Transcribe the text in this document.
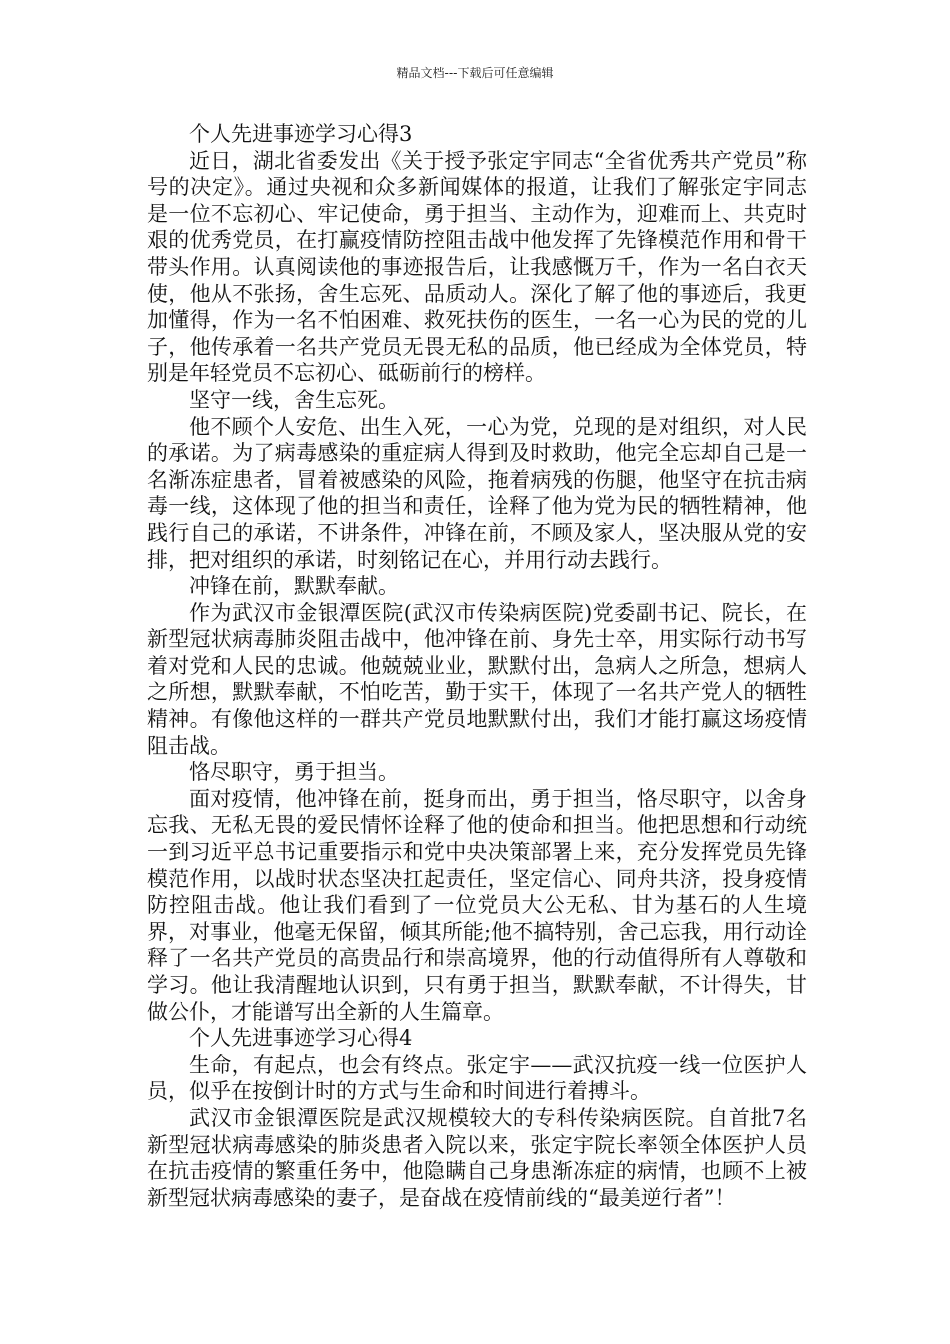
精品文档---下载后可任意编辑

个人先进事迹学习心得3

近日，湖北省委发出《关于授予张定宇同志“全省优秀共产党员”称号的决定》。通过央视和众多新闻媒体的报道，让我们了解张定宇同志是一位不忘初心、牢记使命，勇于担当、主动作为，迎难而上、共克时艰的优秀党员，在打赢疫情防控阻击战中他发挥了先锋模范作用和骨干带头作用。认真阅读他的事迹报告后，让我感慨万千，作为一名白衣天使，他从不张扬，舍生忘死、品质动人。深化了解了他的事迹后，我更加懂得，作为一名不怕困难、救死扶伤的医生，一名一心为民的党的儿子，他传承着一名共产党员无畏无私的品质，他已经成为全体党员，特别是年轻党员不忘初心、砥砺前行的榜样。

坚守一线，舍生忘死。

他不顾个人安危、出生入死，一心为党，兑现的是对组织，对人民的承诺。为了病毒感染的重症病人得到及时救助，他完全忘却自己是一名渐冻症患者，冒着被感染的风险，拖着病残的伤腿，他坚守在抗击病毒一线，这体现了他的担当和责任，诠释了他为党为民的牺牲精神，他践行自己的承诺，不讲条件，冲锋在前，不顾及家人，坚决服从党的安排，把对组织的承诺，时刻铭记在心，并用行动去践行。

冲锋在前，默默奉献。

作为武汉市金银潭医院(武汉市传染病医院)党委副书记、院长，在新型冠状病毒肺炎阻击战中，他冲锋在前、身先士卒，用实际行动书写着对党和人民的忠诚。他兢兢业业，默默付出，急病人之所急，想病人之所想，默默奉献，不怕吃苦，勤于实干，体现了一名共产党人的牺牲精神。有像他这样的一群共产党员地默默付出，我们才能打赢这场疫情阻击战。

恪尽职守，勇于担当。

面对疫情，他冲锋在前，挺身而出，勇于担当，恪尽职守，以舍身忘我、无私无畏的爱民情怀诠释了他的使命和担当。他把思想和行动统一到习近平总书记重要指示和党中央决策部署上来，充分发挥党员先锋模范作用，以战时状态坚决扛起责任，坚定信心、同舟共济，投身疫情防控阻击战。他让我们看到了一位党员大公无私、甘为基石的人生境界，对事业，他毫无保留，倾其所能;他不搞特别，舍己忘我，用行动诠释了一名共产党员的高贵品行和崇高境界，他的行动值得所有人尊敬和学习。他让我清醒地认识到，只有勇于担当，默默奉献，不计得失，甘做公仆，才能谱写出全新的人生篇章。

个人先进事迹学习心得4

生命，有起点，也会有终点。张定宇——武汉抗疫一线一位医护人员，似乎在按倒计时的方式与生命和时间进行着搏斗。

武汉市金银潭医院是武汉规模较大的专科传染病医院。自首批7名新型冠状病毒感染的肺炎患者入院以来，张定宇院长率领全体医护人员在抗击疫情的繁重任务中，他隐瞒自己身患渐冻症的病情，也顾不上被新型冠状病毒感染的妻子，是奋战在疫情前线的“最美逆行者”！
